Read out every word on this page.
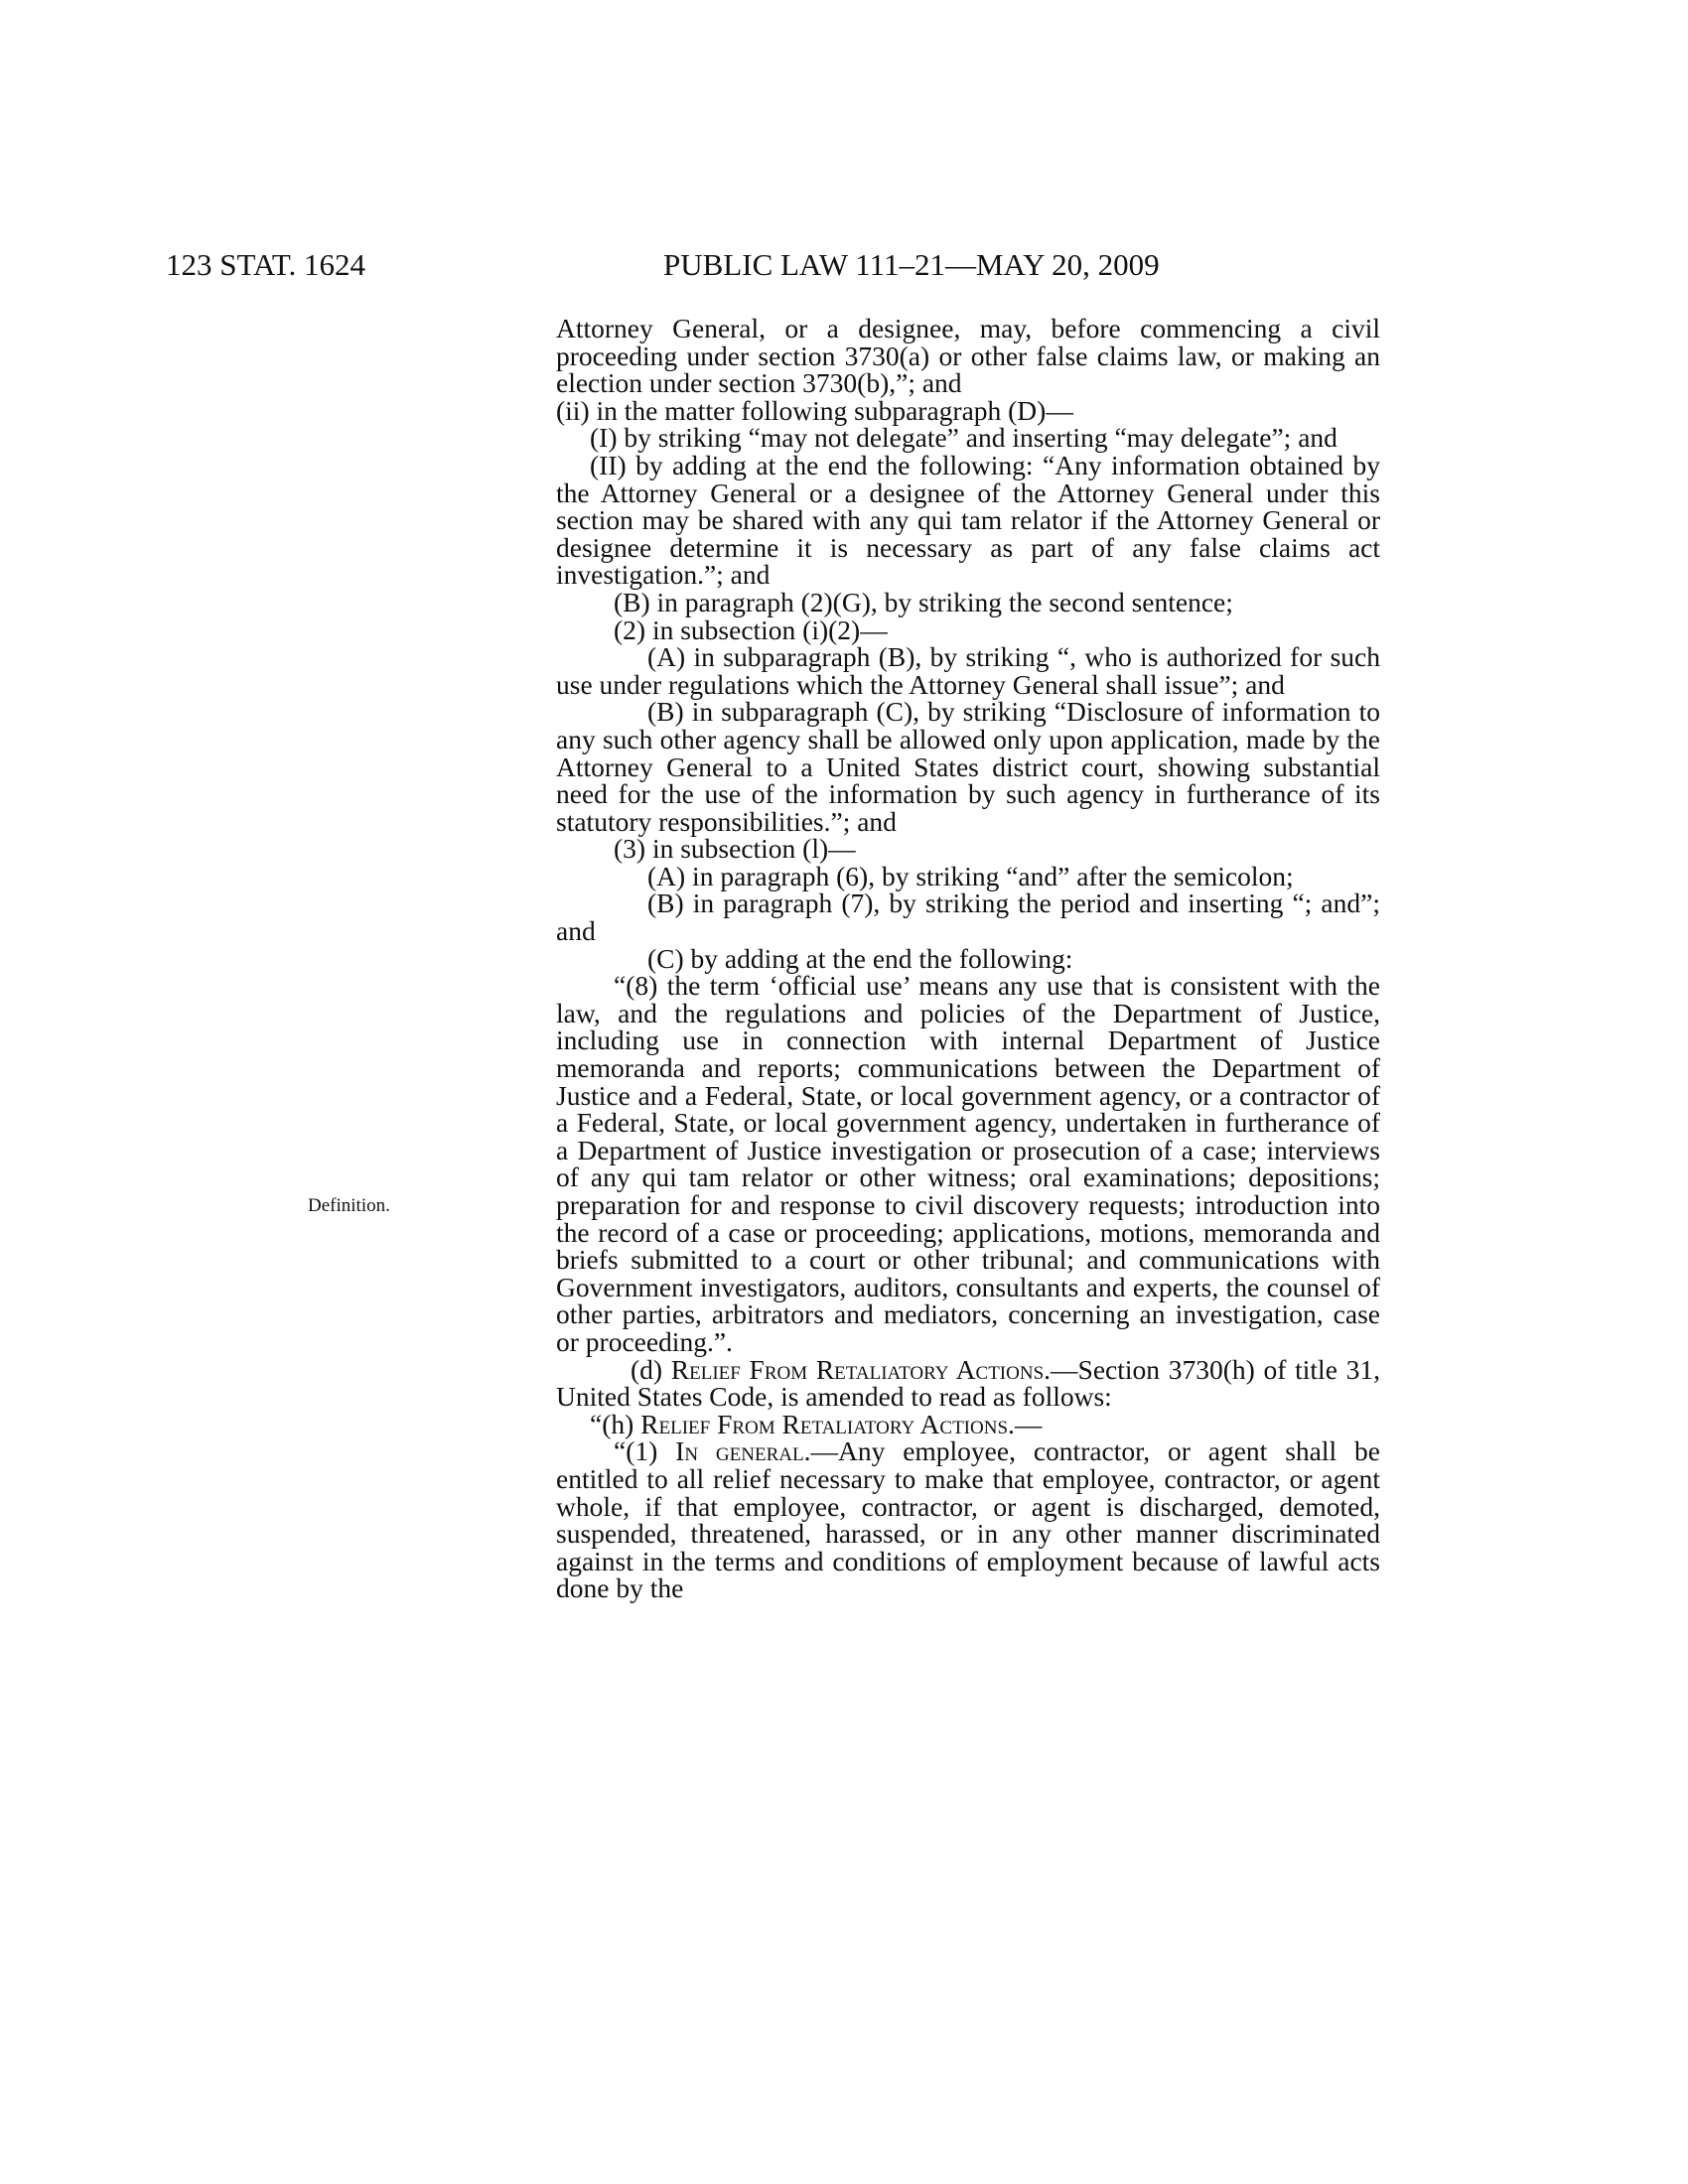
123 STAT. 1624	PUBLIC LAW 111–21—MAY 20, 2009
Definition.

Attorney General, or a designee, may, before commencing a civil proceeding under section 3730(a) or other false claims law, or making an election under section 3730(b),”; and

(ii) in the matter following subparagraph (D)—

(I) by striking “may not delegate” and inserting “may delegate”; and

(II) by adding at the end the following: “Any information obtained by the Attorney General or a designee of the Attorney General under this section may be shared with any qui tam relator if the Attorney General or designee determine it is necessary as part of any false claims act investigation.”; and

(B) in paragraph (2)(G), by striking the second sentence;

(2) in subsection (i)(2)—

(A) in subparagraph (B), by striking “, who is authorized for such use under regulations which the Attorney General shall issue”; and

(B) in subparagraph (C), by striking “Disclosure of information to any such other agency shall be allowed only upon application, made by the Attorney General to a United States district court, showing substantial need for the use of the information by such agency in furtherance of its statutory responsibilities.”; and

(3) in subsection (l)—

(A) in paragraph (6), by striking “and” after the semicolon;

(B) in paragraph (7), by striking the period and inserting “; and”; and

(C) by adding at the end the following:

“(8) the term ‘official use’ means any use that is consistent with the law, and the regulations and policies of the Department of Justice, including use in connection with internal Department of Justice memoranda and reports; communications between the Department of Justice and a Federal, State, or local government agency, or a contractor of a Federal, State, or local government agency, undertaken in furtherance of a Department of Justice investigation or prosecution of a case; interviews of any qui tam relator or other witness; oral examinations; depositions; preparation for and response to civil discovery requests; introduction into the record of a case or proceeding; applications, motions, memoranda and briefs submitted to a court or other tribunal; and communications with Government investigators, auditors, consultants and experts, the counsel of other parties, arbitrators and mediators, concerning an investigation, case or proceeding.”.

(d) Relief From Retaliatory Actions.—Section 3730(h) of title 31, United States Code, is amended to read as follows:

“(h) Relief From Retaliatory Actions.—

“(1) In general.—Any employee, contractor, or agent shall be entitled to all relief necessary to make that employee, contractor, or agent whole, if that employee, contractor, or agent is discharged, demoted, suspended, threatened, harassed, or in any other manner discriminated against in the terms and conditions of employment because of lawful acts done by the
